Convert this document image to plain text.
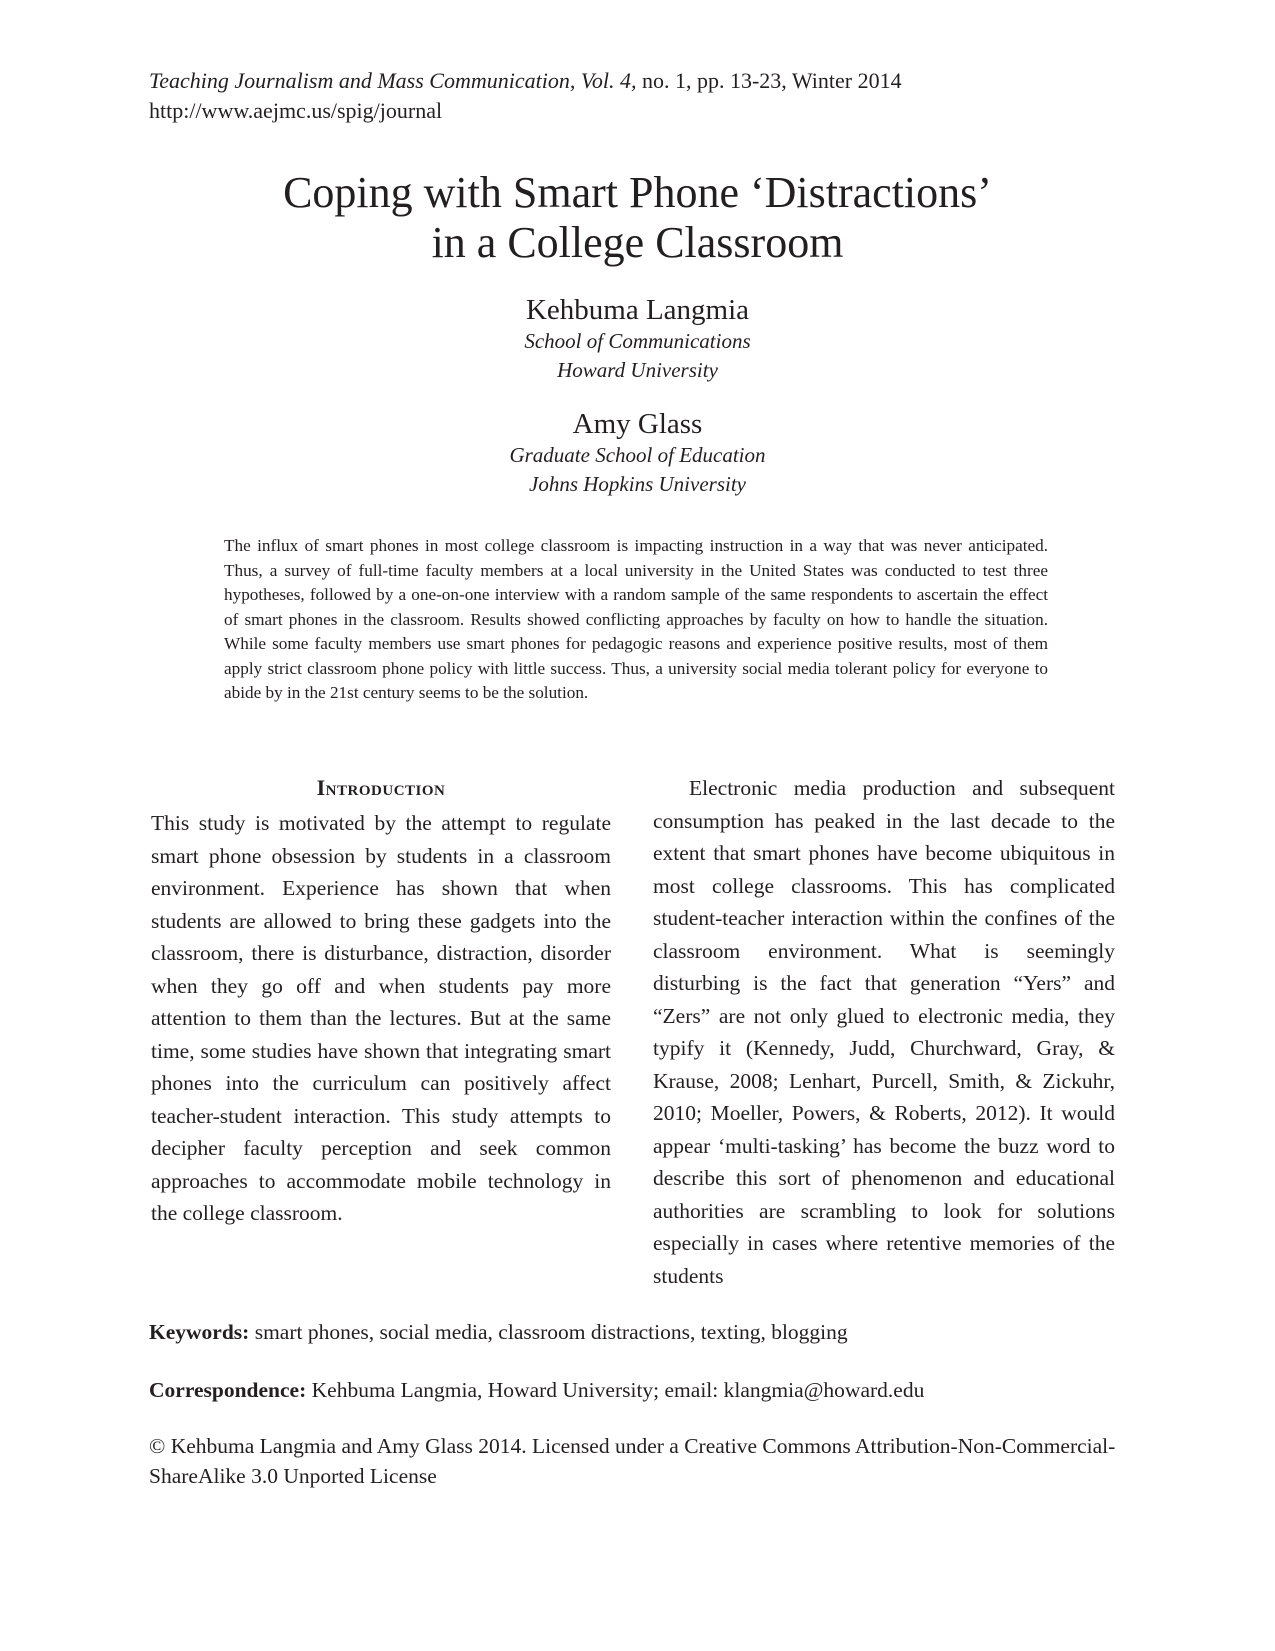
Teaching Journalism and Mass Communication, Vol. 4, no. 1, pp. 13-23, Winter 2014
http://www.aejmc.us/spig/journal
Coping with Smart Phone ‘Distractions’
in a College Classroom
Kehbuma Langmia
School of Communications
Howard University
Amy Glass
Graduate School of Education
Johns Hopkins University

The influx of smart phones in most college classroom is impacting instruction in a way that was never anticipated. Thus, a survey of full-time faculty members at a local university in the United States was conducted to test three hypotheses, followed by a one-on-one interview with a random sample of the same respondents to ascertain the effect of smart phones in the classroom. Results showed conflicting approaches by faculty on how to handle the situation. While some faculty members use smart phones for pedagogic reasons and experience positive results, most of them apply strict classroom phone policy with little success. Thus, a university social media tolerant policy for everyone to abide by in the 21st century seems to be the solution.

Introduction

This study is motivated by the attempt to regulate smart phone obsession by students in a classroom environment. Experience has shown that when students are allowed to bring these gadgets into the classroom, there is disturbance, distraction, disorder when they go off and when students pay more attention to them than the lectures. But at the same time, some studies have shown that integrating smart phones into the curriculum can positively affect teacher-student interaction. This study attempts to decipher faculty perception and seek common approaches to accommodate mobile technology in the college classroom.

Electronic media production and subsequent consumption has peaked in the last decade to the extent that smart phones have become ubiquitous in most college classrooms. This has complicated student-teacher interaction within the confines of the classroom environment. What is seemingly disturbing is the fact that generation “Yers” and “Zers” are not only glued to electronic media, they typify it (Kennedy, Judd, Churchward, Gray, & Krause, 2008; Lenhart, Purcell, Smith, & Zickuhr, 2010; Moeller, Powers, & Roberts, 2012). It would appear ‘multi-tasking’ has become the buzz word to describe this sort of phenomenon and educational authorities are scrambling to look for solutions especially in cases where retentive memories of the students

Keywords: smart phones, social media, classroom distractions, texting, blogging

Correspondence: Kehbuma Langmia, Howard University; email: klangmia@howard.edu

© Kehbuma Langmia and Amy Glass 2014. Licensed under a Creative Commons Attribution-Non-Commercial-ShareAlike 3.0 Unported License
